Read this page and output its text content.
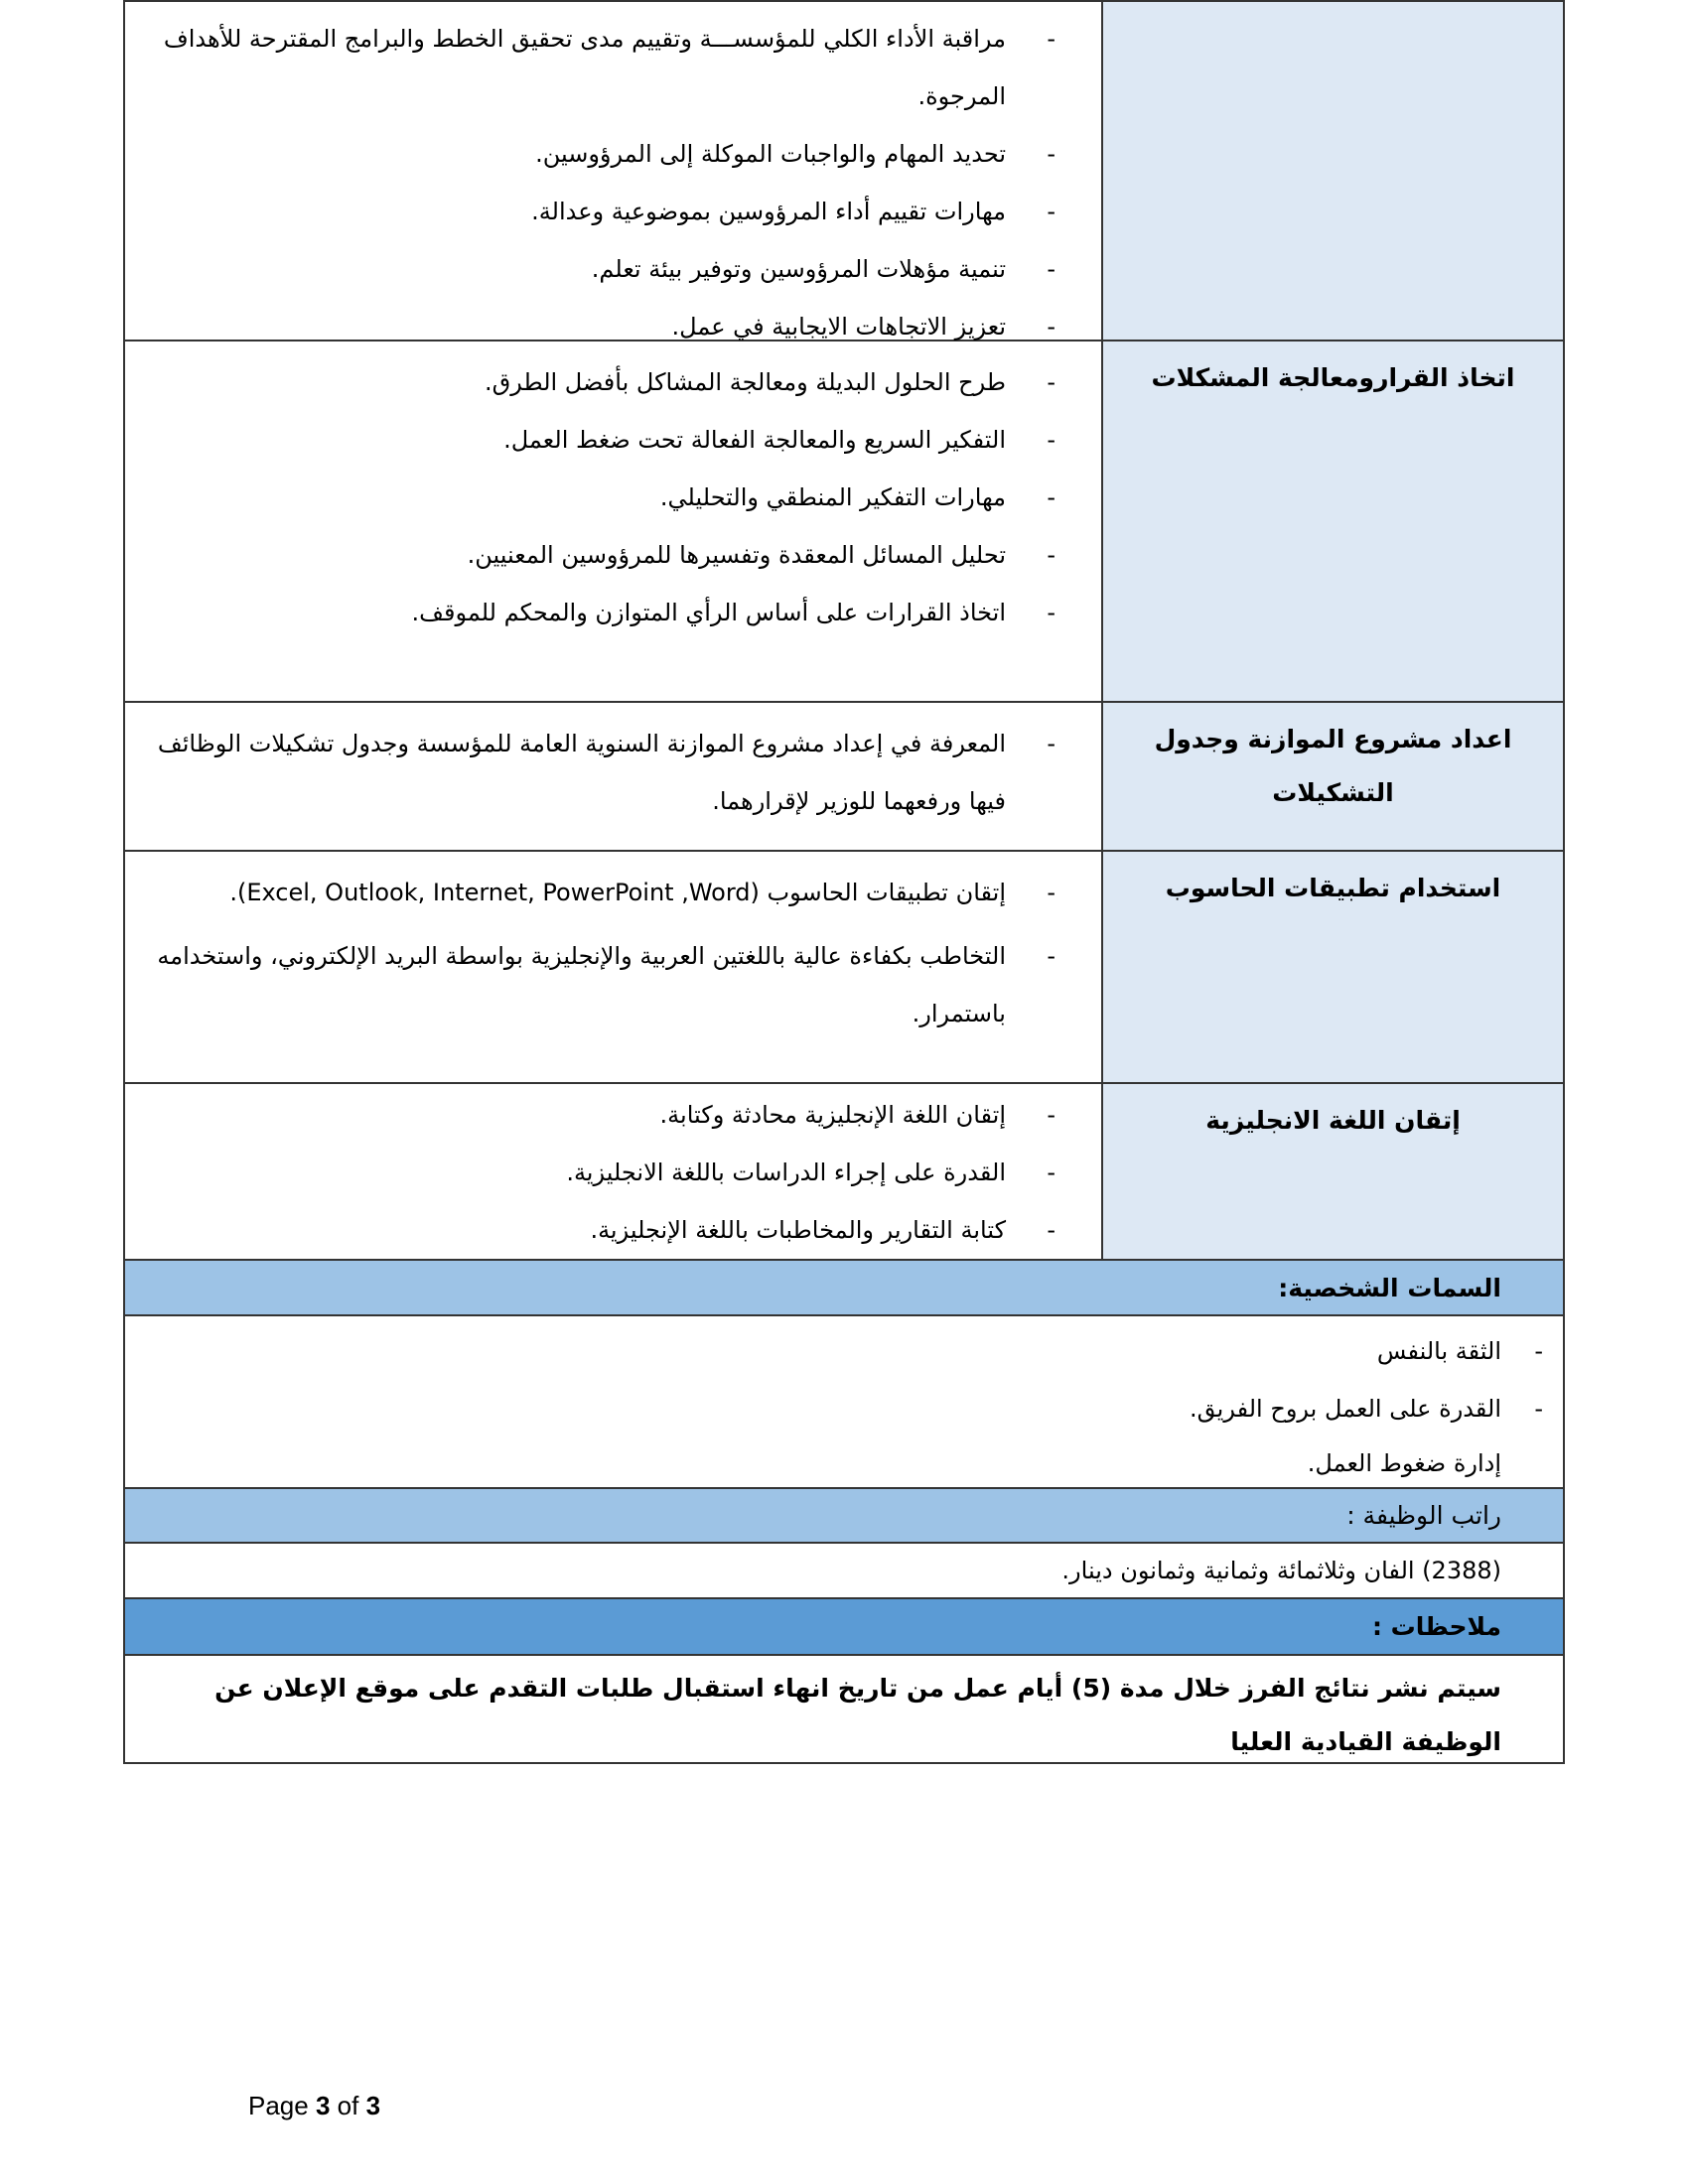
-
مراقبة الأداء الكلي للمؤسســـة وتقييم مدى تحقيق الخطط والبرامج المقترحة للأهداف المرجوة.
-
تحديد المهام والواجبات الموكلة إلى المرؤوسين.
-
مهارات تقييم أداء المرؤوسين بموضوعية وعدالة.
-
تنمية مؤهلات المرؤوسين وتوفير بيئة تعلم.
-
تعزيز الاتجاهات الايجابية في عمل.
اتخاذ القراروم‍عالجة المشكلات
-
طرح الحلول البديلة ومعالجة المشاكل بأفضل الطرق.
-
التفكير السريع والمعالجة الفعالة تحت ضغط العمل.
-
مهارات التفكير المنطقي والتحليلي.
-
تحليل المسائل المعقدة وتفسيرها للمرؤوسين المعنيين.
-
اتخاذ القرارات على أساس الرأي المتوازن والمحكم للموقف.
اعداد مشروع الموازنة وجدول التشكيلات
-
المعرفة في إعداد مشروع الموازنة السنوية العامة للمؤسسة وجدول تشكيلات الوظائف فيها ورفعهما للوزير لإقرارهما.
استخدام تطبيقات الحاسوب
-
إتقان تطبيقات الحاسوب (Excel, Outlook, Internet, PowerPoint ,Word).
-
التخاطب بكفاءة عالية باللغتين العربية والإنجليزية بواسطة البريد الإلكتروني، واستخدامه باستمرار.
إتقان اللغة الانجليزية
-
إتقان اللغة الإنجليزية محادثة وكتابة.
-
القدرة على إجراء الدراسات باللغة الانجليزية.
-
كتابة التقارير والمخاطبات باللغة الإنجليزية.
السمات الشخصية:
-
الثقة بالنفس
-
القدرة على العمل بروح الفريق.
إدارة ضغوط العمل.
راتب الوظيفة :
(2388) الفان وثلاثمائة وثمانية وثمانون دينار.
ملاحظات :
سيتم نشر نتائج الفرز خلال مدة (5) أيام عمل من تاريخ انهاء استقبال طلبات التقدم على موقع الإعلان عن الوظيفة القيادية العليا
Page 3 of 3
